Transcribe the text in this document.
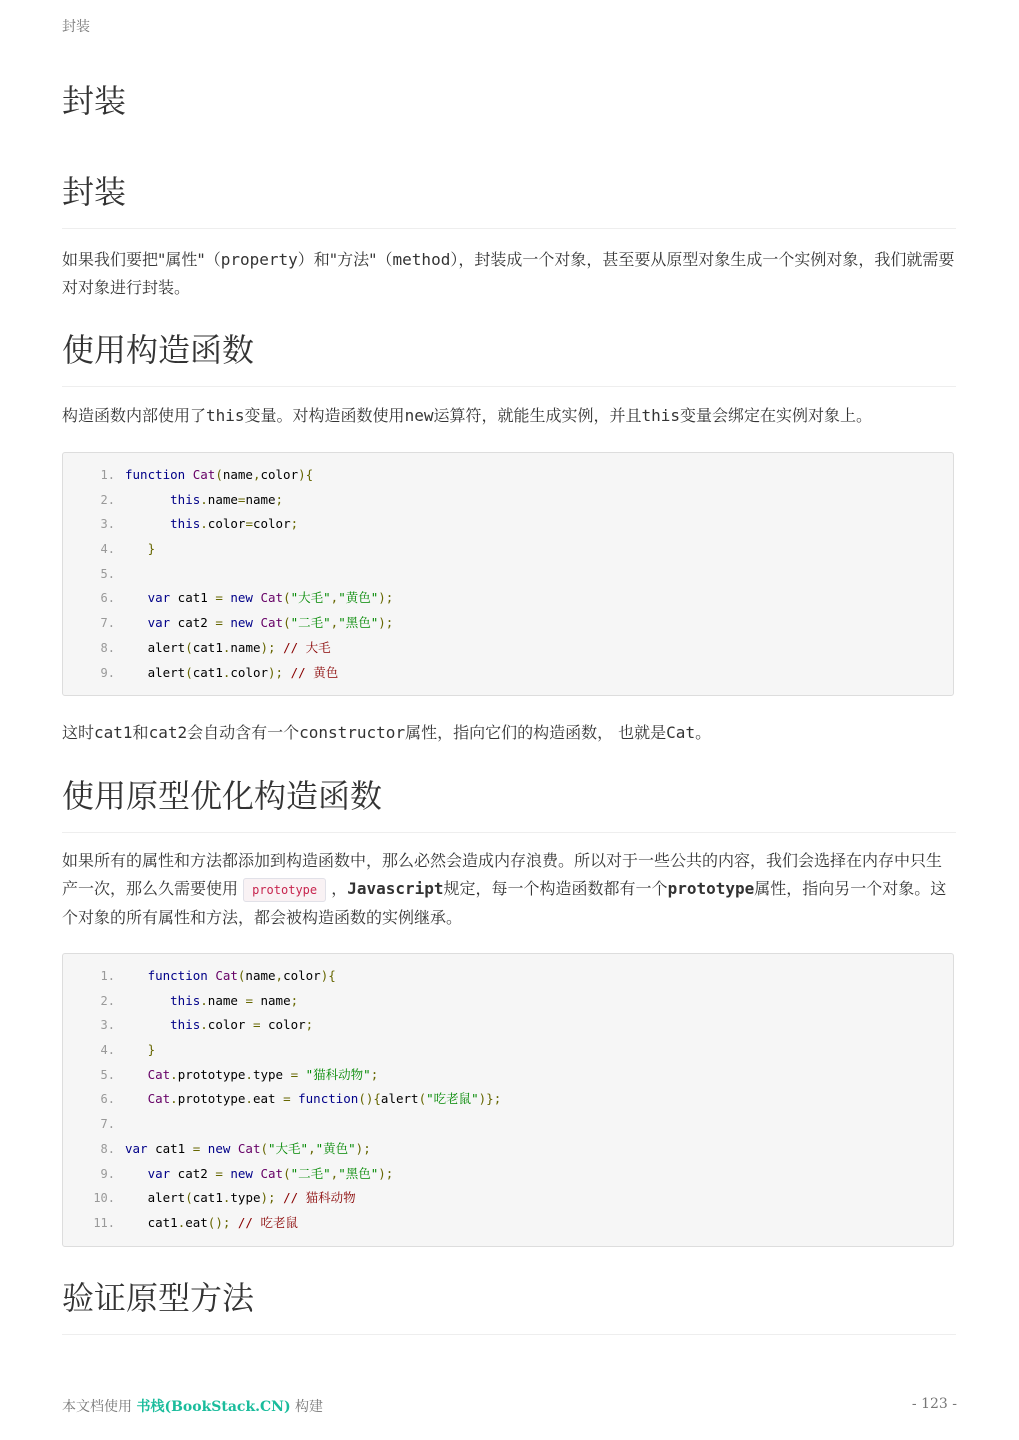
封装
封装
封装

如果我们要把"属性"（property）和"方法"（method），封装成一个对象，甚至要从原型对象生成一个实例对象，我们就需要对对象进行封装。

使用构造函数

构造函数内部使用了this变量。对构造函数使用new运算符，就能生成实例，并且this变量会绑定在实例对象上。

1. function Cat(name,color){
2.	this.name=name;
3.	this.color=color;
4.	}
5.
6.	var cat1 = new Cat("大毛","黄色");
7.	var cat2 = new Cat("二毛","黑色");
8.   alert(cat1.name); // 大毛
9.   alert(cat1.color); // 黄色

这时cat1和cat2会自动含有一个constructor属性，指向它们的构造函数， 也就是Cat。

使用原型优化构造函数

如果所有的属性和方法都添加到构造函数中，那么必然会造成内存浪费。所以对于一些公共的内容，我们会选择在内存中只生产一次，那么久需要使用 prototype ，Javascript规定，每一个构造函数都有一个prototype属性，指向另一个对象。这个对象的所有属性和方法，都会被构造函数的实例继承。

1.	function Cat(name,color){
2.	this.name = name;
3.	this.color = color;
4.	}
5.	Cat.prototype.type = "猫科动物";
6.	Cat.prototype.eat = function(){alert("吃老鼠")};
7.
8. var cat1 = new Cat("大毛","黄色");
9.	var cat2 = new Cat("二毛","黑色");
10.   alert(cat1.type); // 猫科动物
11.   cat1.eat(); // 吃老鼠
验证原型方法
本文档使用 书栈(BookStack.CN) 构建	- 123 -
